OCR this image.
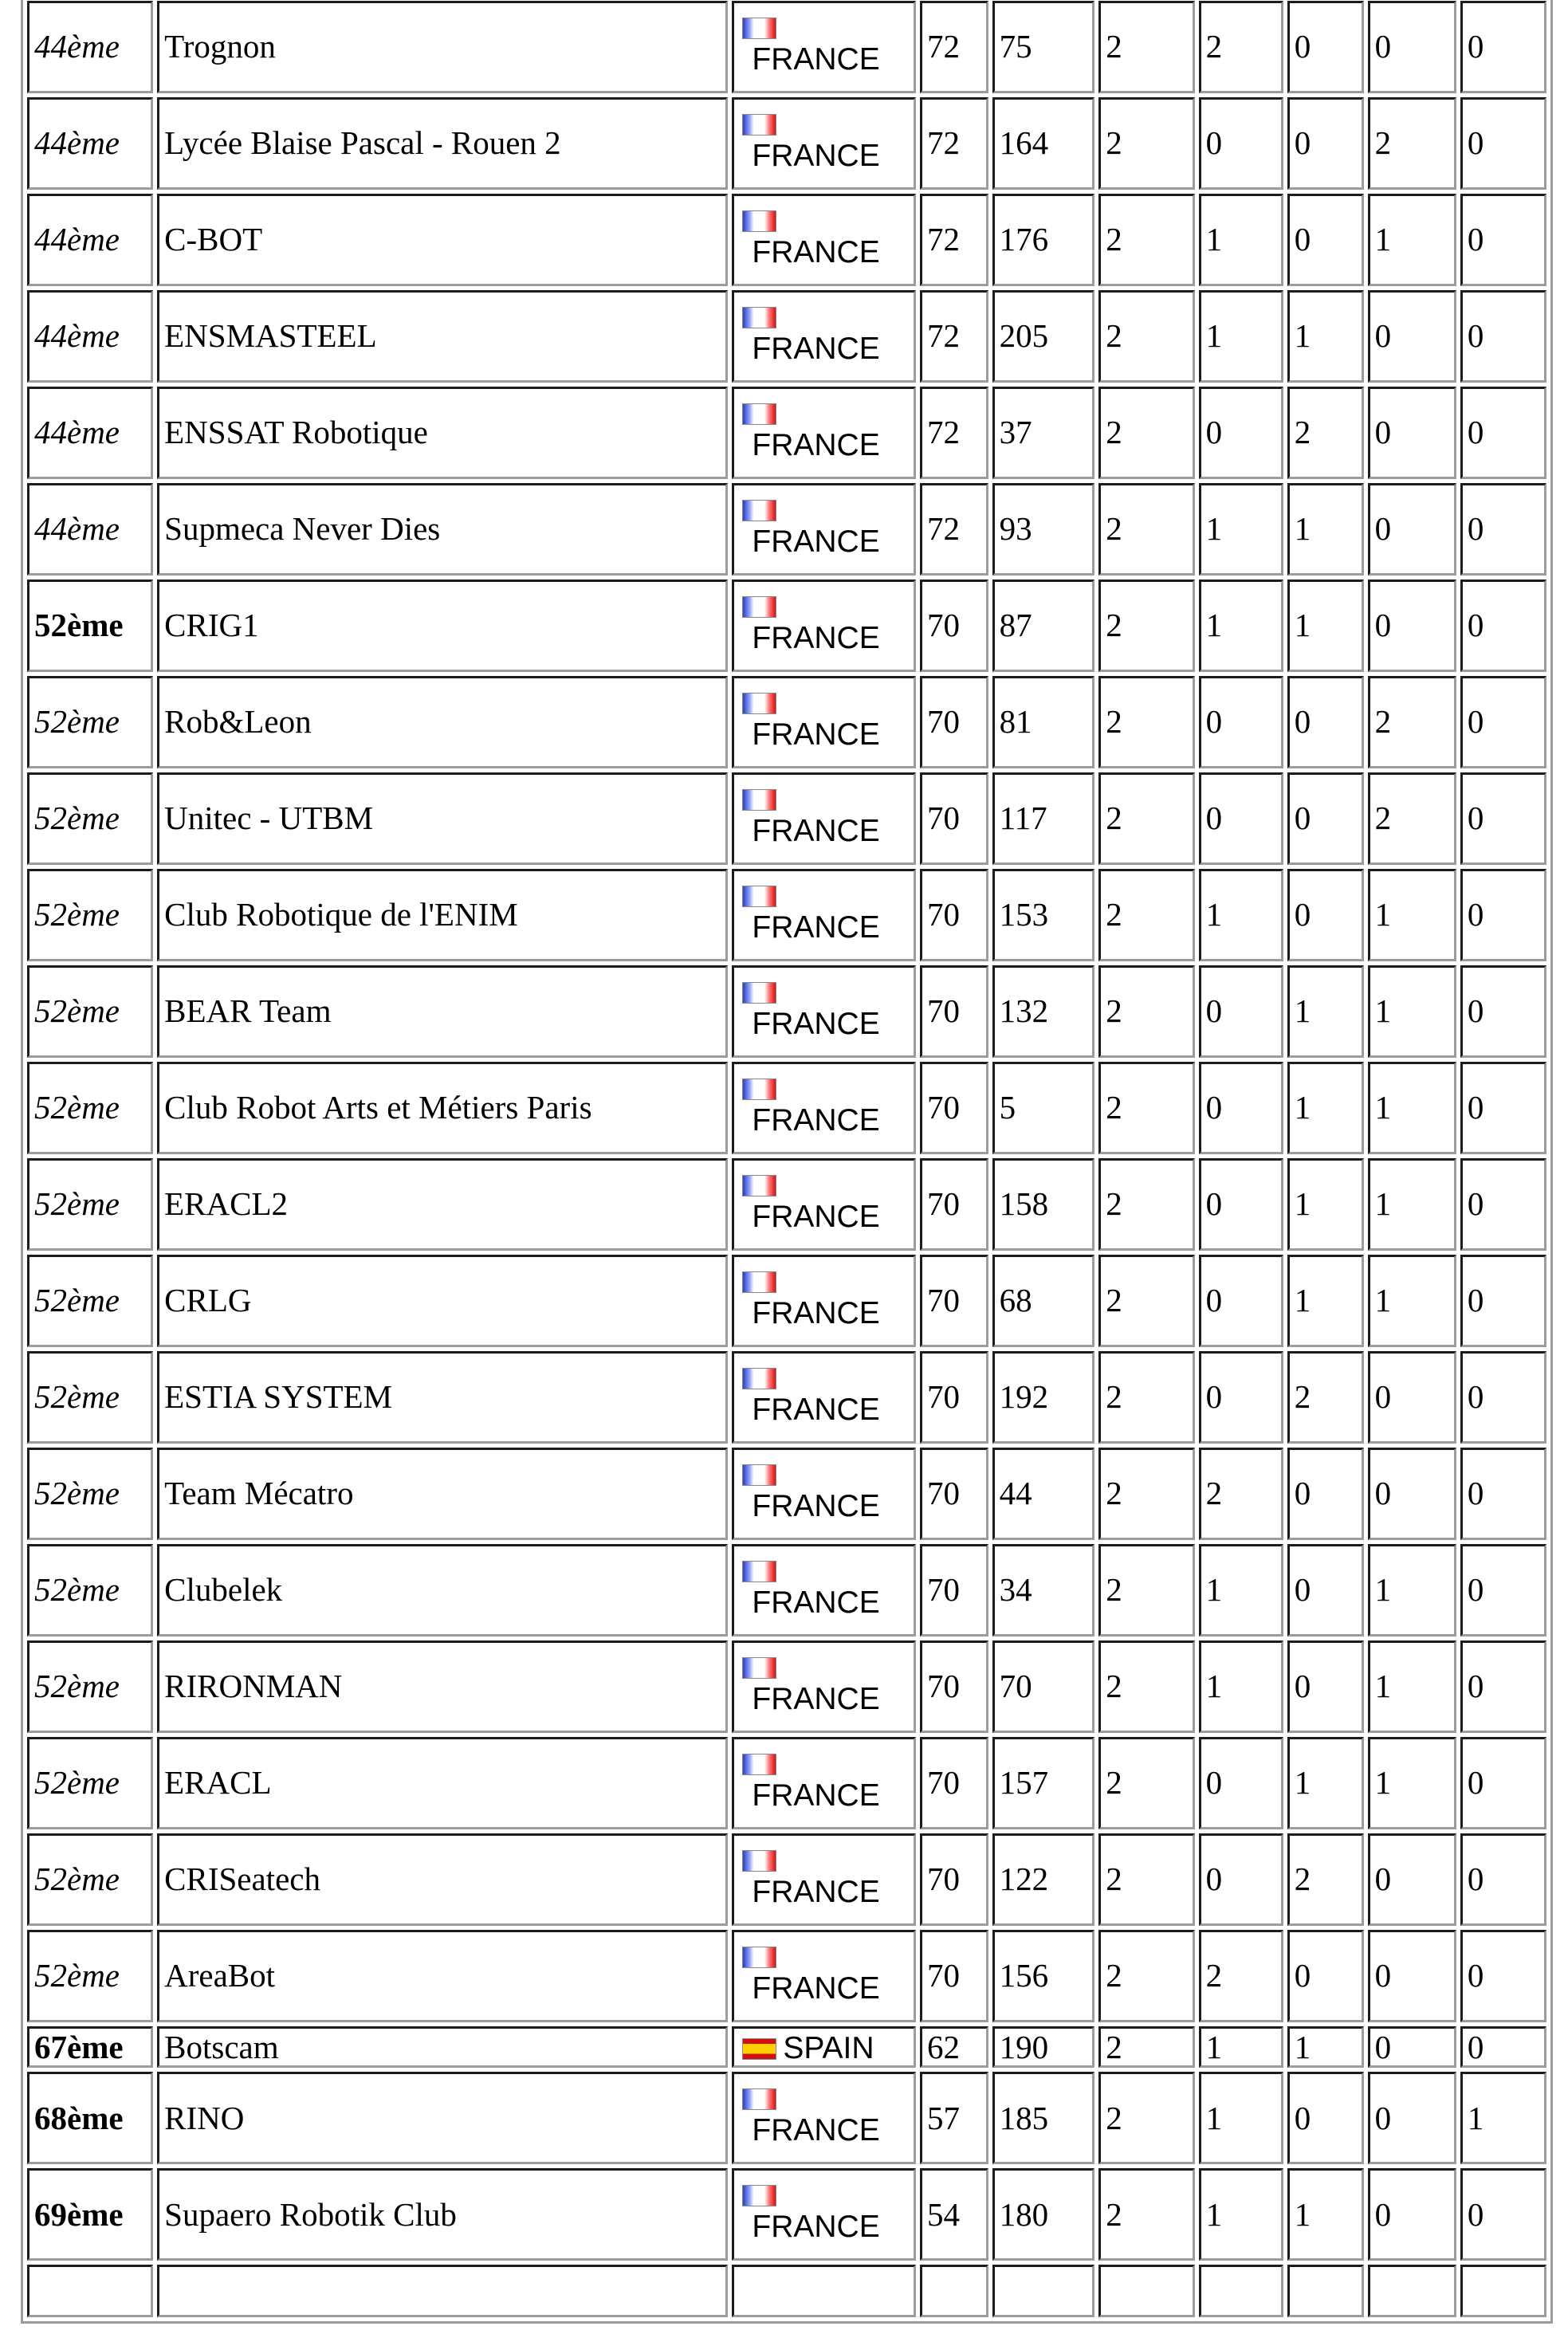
44ème	Trognon	FRANCE	72	75	2	2	0	0	0
44ème	Lycée Blaise Pascal - Rouen 2	FRANCE	72	164	2	0	0	2	0
44ème	C-BOT	FRANCE	72	176	2	1	0	1	0
44ème	ENSMASTEEL	FRANCE	72	205	2	1	1	0	0
44ème	ENSSAT Robotique	FRANCE	72	37	2	0	2	0	0
44ème	Supmeca Never Dies	FRANCE	72	93	2	1	1	0	0
52ème	CRIG1	FRANCE	70	87	2	1	1	0	0
52ème	Rob&Leon	FRANCE	70	81	2	0	0	2	0
52ème	Unitec - UTBM	FRANCE	70	117	2	0	0	2	0
52ème	Club Robotique de l'ENIM	FRANCE	70	153	2	1	0	1	0
52ème	BEAR Team	FRANCE	70	132	2	0	1	1	0
52ème	Club Robot Arts et Métiers Paris	FRANCE	70	5	2	0	1	1	0
52ème	ERACL2	FRANCE	70	158	2	0	1	1	0
52ème	CRLG	FRANCE	70	68	2	0	1	1	0
52ème	ESTIA SYSTEM	FRANCE	70	192	2	0	2	0	0
52ème	Team Mécatro	FRANCE	70	44	2	2	0	0	0
52ème	Clubelek	FRANCE	70	34	2	1	0	1	0
52ème	RIRONMAN	FRANCE	70	70	2	1	0	1	0
52ème	ERACL	FRANCE	70	157	2	0	1	1	0
52ème	CRISeatech	FRANCE	70	122	2	0	2	0	0
52ème	AreaBot	FRANCE	70	156	2	2	0	0	0
67ème	Botscam	SPAIN	62	190	2	1	1	0	0
68ème	RINO	FRANCE	57	185	2	1	0	0	1
69ème	Supaero Robotik Club	FRANCE	54	180	2	1	1	0	0
